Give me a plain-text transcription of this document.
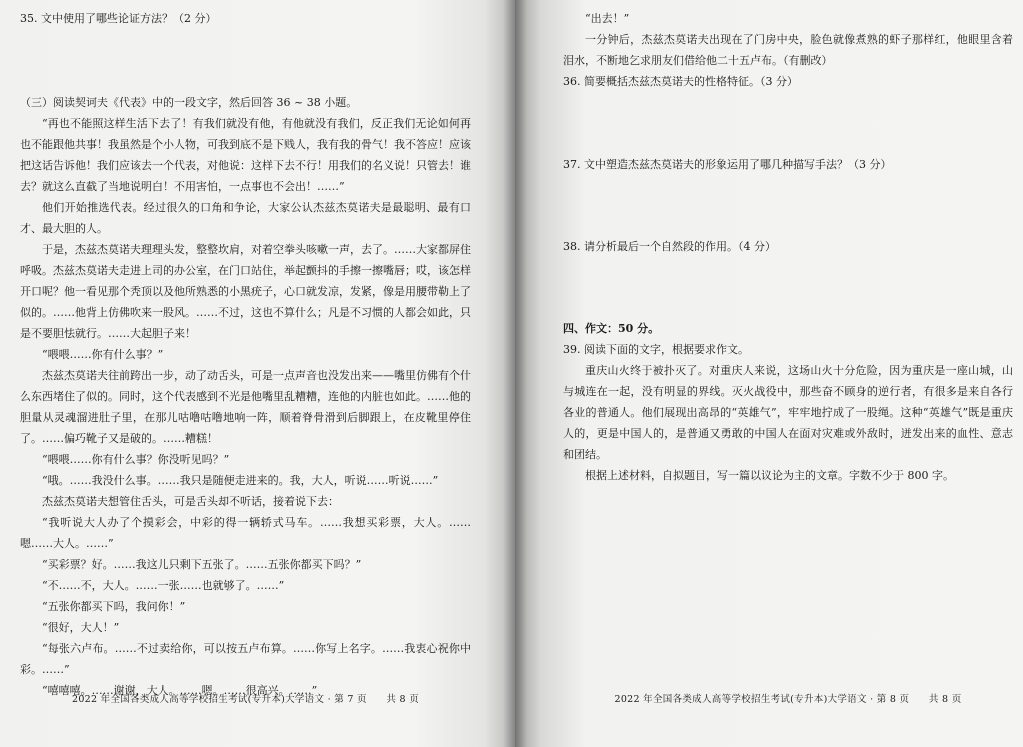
35. 文中使用了哪些论证方法？（2 分）

（三）阅读契诃夫《代表》中的一段文字，然后回答 36 ~ 38 小题。

“再也不能照这样生活下去了！有我们就没有他，有他就没有我们，反正我们无论如何再也不能跟他共事！我虽然是个小人物，可我到底不是下贱人，我有我的骨气！我不答应！应该把这话告诉他！我们应该去一个代表，对他说：这样下去不行！用我们的名义说！只管去！谁去？就这么直截了当地说明白！不用害怕，一点事也不会出！……”

他们开始推选代表。经过很久的口角和争论，大家公认杰兹杰莫诺夫是最聪明、最有口才、最大胆的人。

于是，杰兹杰莫诺夫理理头发，整整坎肩，对着空拳头咳嗽一声，去了。……大家都屏住呼吸。杰兹杰莫诺夫走进上司的办公室，在门口站住，举起颤抖的手擦一擦嘴唇；哎，该怎样开口呢？他一看见那个秃顶以及他所熟悉的小黑疣子，心口就发凉，发紧，像是用腰带勒上了似的。……他背上仿佛吹来一股风。……不过，这也不算什么；凡是不习惯的人都会如此，只是不要胆怯就行。……大起胆子来！

“喂喂……你有什么事？”

杰兹杰莫诺夫往前跨出一步，动了动舌头，可是一点声音也没发出来——嘴里仿佛有个什么东西堵住了似的。同时，这个代表感到不光是他嘴里乱糟糟，连他的内脏也如此。……他的胆量从灵魂溜进肚子里，在那儿咕噜咕噜地响一阵，顺着脊骨滑到后脚跟上，在皮靴里停住了。……偏巧靴子又是破的。……糟糕！

“喂喂……你有什么事？你没听见吗？”

“哦。……我没什么事。……我只是随便走进来的。我，大人，听说……听说……”

杰兹杰莫诺夫想管住舌头，可是舌头却不听话，接着说下去：

“我听说大人办了个摸彩会，中彩的得一辆轿式马车。……我想买彩票，大人。……嗯……大人。……”

“买彩票？好。……我这儿只剩下五张了。……五张你都买下吗？”

“不……不，大人。……一张……也就够了。……”

“五张你都买下吗，我问你！”

“很好，大人！”

“每张六卢布。……不过卖给你，可以按五卢布算。……你写上名字。……我衷心祝你中彩。……”

“嘻嘻嘻。……谢谢，大人。……嗯。……很高兴。……”

2022 年全国各类成人高等学校招生考试(专升本)大学语文 · 第 7 页　　共 8 页

“出去！”

一分钟后，杰兹杰莫诺夫出现在了门房中央，脸色就像煮熟的虾子那样红，他眼里含着泪水，不断地乞求朋友们借给他二十五卢布。（有删改）

36. 简要概括杰兹杰莫诺夫的性格特征。（3 分）

37. 文中塑造杰兹杰莫诺夫的形象运用了哪几种描写手法？（3 分）

38. 请分析最后一个自然段的作用。（4 分）

四、作文：50 分。

39. 阅读下面的文字，根据要求作文。

重庆山火终于被扑灭了。对重庆人来说，这场山火十分危险，因为重庆是一座山城，山与城连在一起，没有明显的界线。灭火战役中，那些奋不顾身的逆行者，有很多是来自各行各业的普通人。他们展现出高昂的“英雄气”，牢牢地拧成了一股绳。这种“英雄气”既是重庆人的，更是中国人的，是普通又勇敢的中国人在面对灾难或外敌时，迸发出来的血性、意志和团结。

根据上述材料，自拟题目，写一篇以议论为主的文章。字数不少于 800 字。

2022 年全国各类成人高等学校招生考试(专升本)大学语文 · 第 8 页　　共 8 页
